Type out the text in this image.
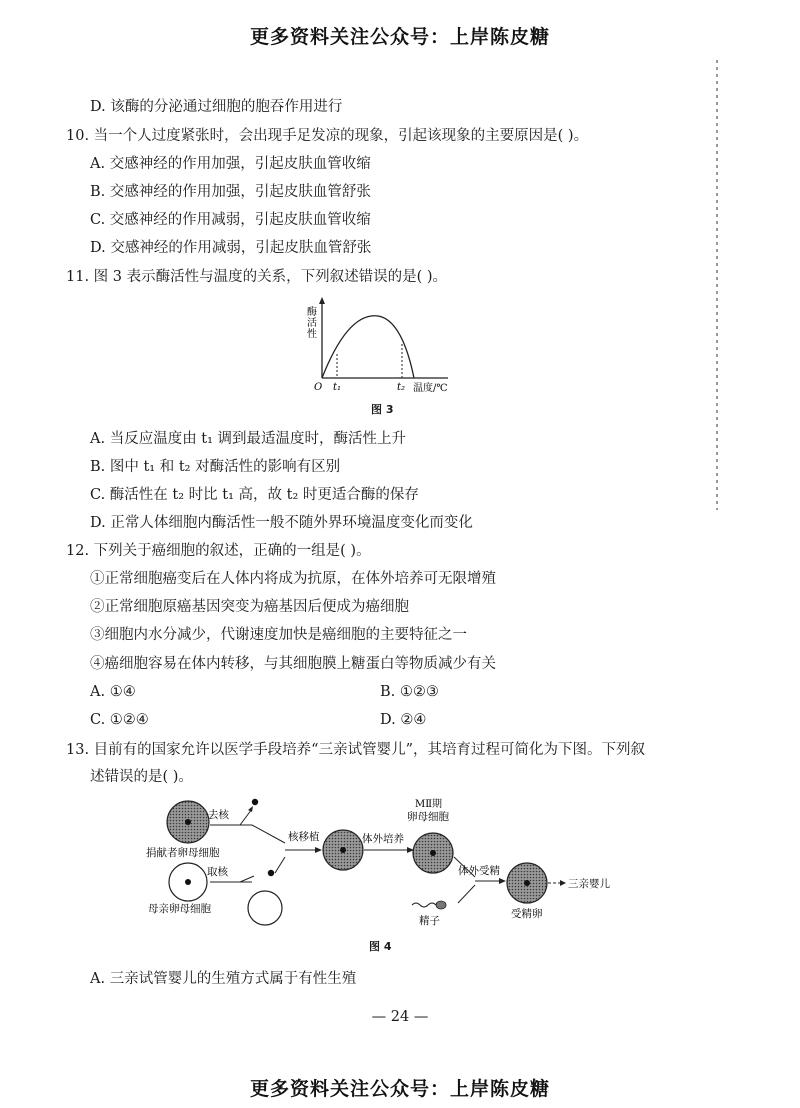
更多资料关注公众号：上岸陈皮糖
D. 该酶的分泌通过细胞的胞吞作用进行
10. 当一个人过度紧张时，会出现手足发凉的现象，引起该现象的主要原因是( )。
A. 交感神经的作用加强，引起皮肤血管收缩
B. 交感神经的作用加强，引起皮肤血管舒张
C. 交感神经的作用减弱，引起皮肤血管收缩
D. 交感神经的作用减弱，引起皮肤血管舒张
11. 图 3 表示酶活性与温度的关系，下列叙述错误的是( )。
酶活性
O t₁	t₂ 温度/℃
图 3
A. 当反应温度由 t₁ 调到最适温度时，酶活性上升
B. 图中 t₁ 和 t₂ 对酶活性的影响有区别
C. 酶活性在 t₂ 时比 t₁ 高，故 t₂ 时更适合酶的保存
D. 正常人体细胞内酶活性一般不随外界环境温度变化而变化
12. 下列关于癌细胞的叙述，正确的一组是( )。
①正常细胞癌变后在人体内将成为抗原，在体外培养可无限增殖
②正常细胞原癌基因突变为癌基因后便成为癌细胞
③细胞内水分减少，代谢速度加快是癌细胞的主要特征之一
④癌细胞容易在体内转移，与其细胞膜上糖蛋白等物质减少有关
A. ①④	B. ①②③
C. ①②④	D. ②④
13. 目前有的国家允许以医学手段培养“三亲试管婴儿”，其培育过程可简化为下图。下列叙
述错误的是( )。
捐献者卵母细胞
去核
母亲卵母细胞
取核
核移植	体外培养
MⅡ期
卵母细胞
体外受精
精子
受精卵
三亲婴儿
图 4
A. 三亲试管婴儿的生殖方式属于有性生殖
— 24 —
更多资料关注公众号：上岸陈皮糖
